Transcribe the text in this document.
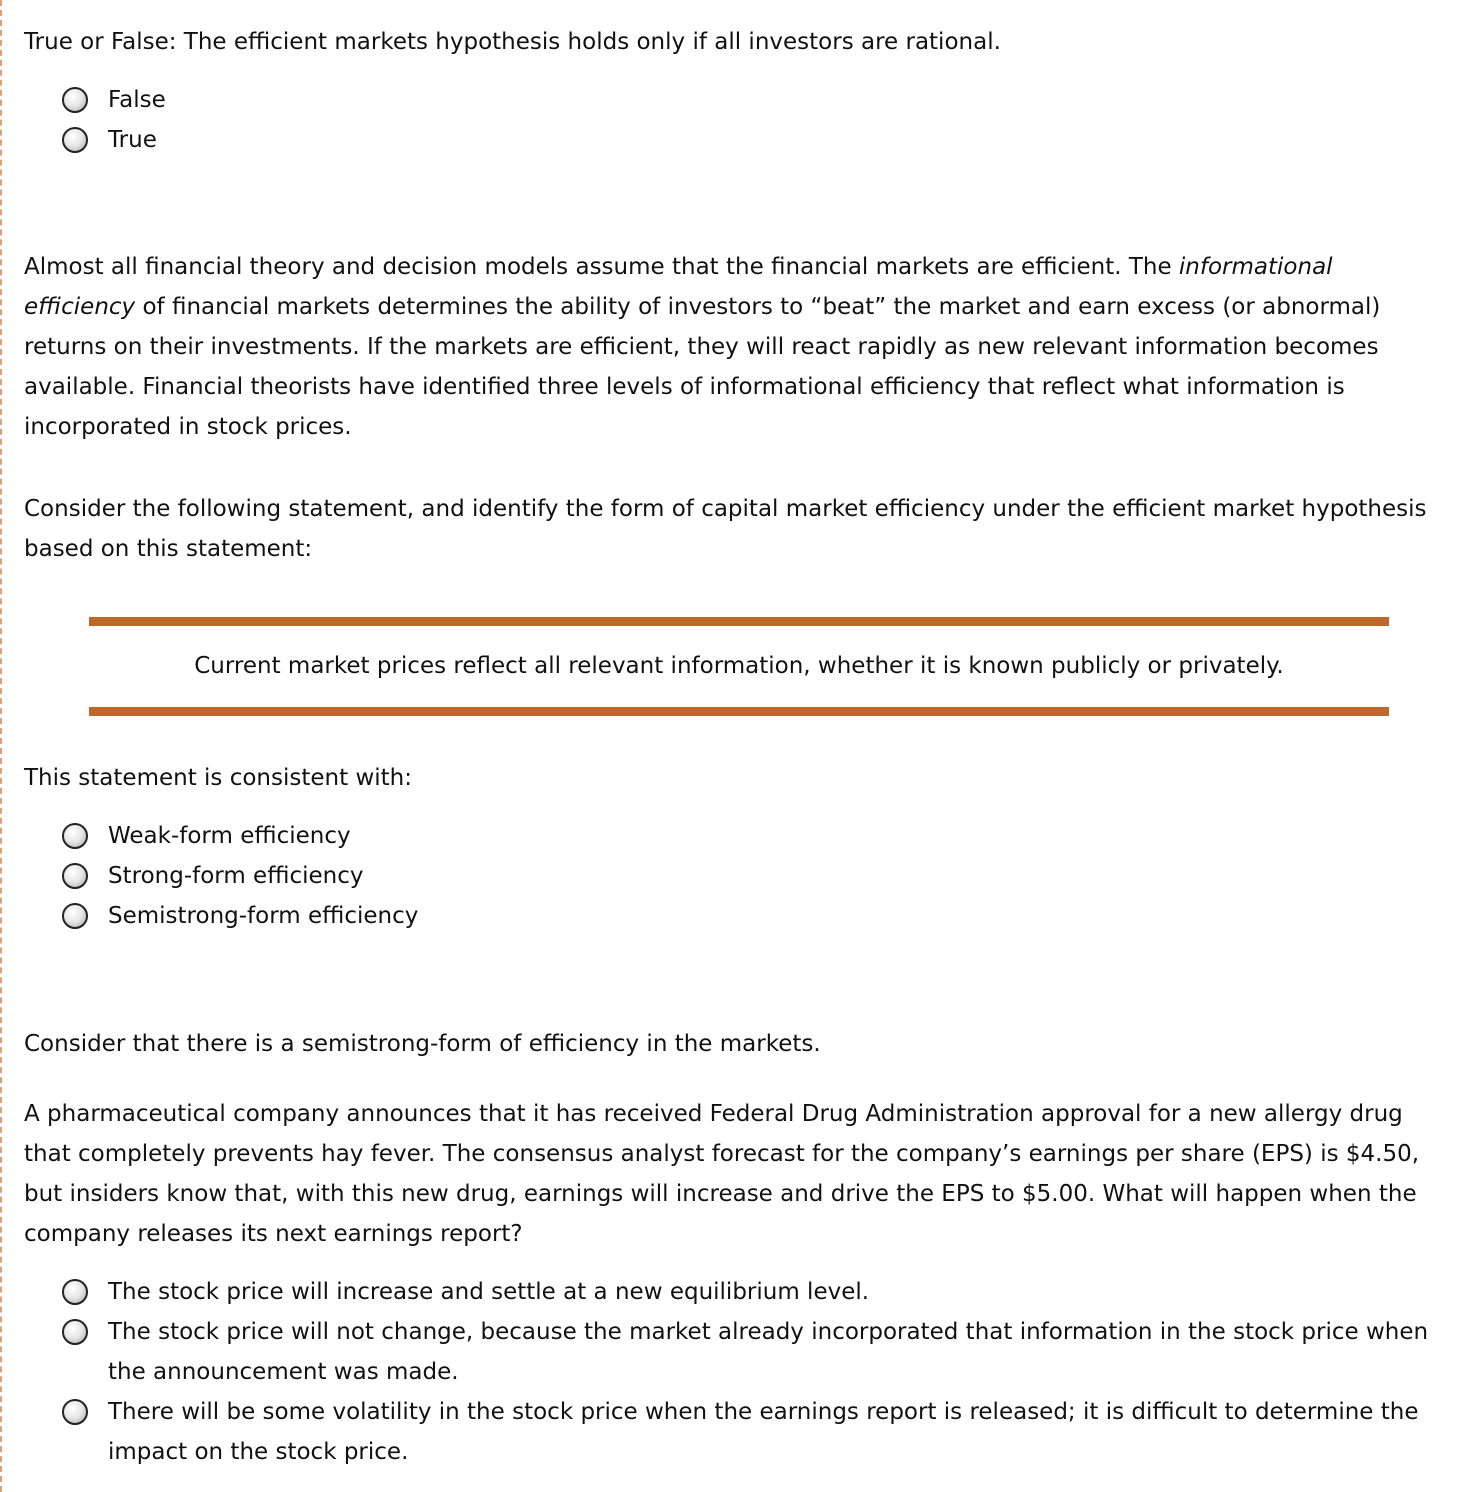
True or False: The efficient markets hypothesis holds only if all investors are rational.

False
True

Almost all financial theory and decision models assume that the financial markets are efficient. The informational efficiency of financial markets determines the ability of investors to “beat” the market and earn excess (or abnormal) returns on their investments. If the markets are efficient, they will react rapidly as new relevant information becomes available. Financial theorists have identified three levels of informational efficiency that reflect what information is incorporated in stock prices.

Consider the following statement, and identify the form of capital market efficiency under the efficient market hypothesis based on this statement:

Current market prices reflect all relevant information, whether it is known publicly or privately.

This statement is consistent with:

Weak-form efficiency
Strong-form efficiency
Semistrong-form efficiency

Consider that there is a semistrong-form of efficiency in the markets.

A pharmaceutical company announces that it has received Federal Drug Administration approval for a new allergy drug that completely prevents hay fever. The consensus analyst forecast for the company’s earnings per share (EPS) is $4.50, but insiders know that, with this new drug, earnings will increase and drive the EPS to $5.00. What will happen when the company releases its next earnings report?

The stock price will increase and settle at a new equilibrium level.
The stock price will not change, because the market already incorporated that information in the stock price when the announcement was made.
There will be some volatility in the stock price when the earnings report is released; it is difficult to determine the impact on the stock price.
